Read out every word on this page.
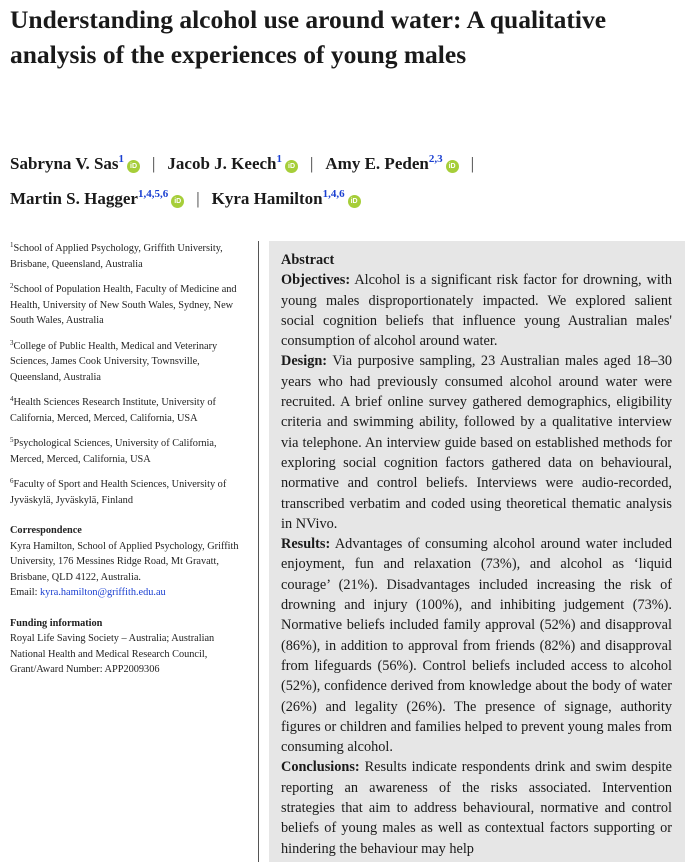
Understanding alcohol use around water: A qualitative analysis of the experiences of young males
Sabryna V. Sas$^1$iD | Jacob J. Keech$^1$iD | Amy E. Peden$^{2,3}$iD |
Martin S. Hagger$^{1,4,5,6}$iD | Kyra Hamilton$^{1,4,6}$iD
$^1$School of Applied Psychology, Griffith University, Brisbane, Queensland, Australia
$^2$School of Population Health, Faculty of Medicine and Health, University of New South Wales, Sydney, New South Wales, Australia
$^3$College of Public Health, Medical and Veterinary Sciences, James Cook University, Townsville, Queensland, Australia
$^4$Health Sciences Research Institute, University of California, Merced, Merced, California, USA
$^5$Psychological Sciences, University of California, Merced, Merced, California, USA
$^6$Faculty of Sport and Health Sciences, University of Jyväskylä, Jyväskylä, Finland
Correspondence
Kyra Hamilton, School of Applied Psychology, Griffith University, 176 Messines Ridge Road, Mt Gravatt, Brisbane, QLD 4122, Australia.
Email: kyra.hamilton@griffith.edu.au
Funding information
Royal Life Saving Society – Australia; Australian National Health and Medical Research Council, Grant/Award Number: APP2009306
Abstract

Objectives: Alcohol is a significant risk factor for drowning, with young males disproportionately impacted. We explored salient social cognition beliefs that influence young Australian males' consumption of alcohol around water.

Design: Via purposive sampling, 23 Australian males aged 18–30 years who had previously consumed alcohol around water were recruited. A brief online survey gathered demographics, eligibility criteria and swimming ability, followed by a qualitative interview via telephone. An interview guide based on established methods for exploring social cognition factors gathered data on behavioural, normative and control beliefs. Interviews were audio-recorded, transcribed verbatim and coded using theoretical thematic analysis in NVivo.

Results: Advantages of consuming alcohol around water included enjoyment, fun and relaxation (73%), and alcohol as ‘liquid courage’ (21%). Disadvantages included increasing the risk of drowning and injury (100%), and inhibiting judgement (73%). Normative beliefs included family approval (52%) and disapproval (86%), in addition to approval from friends (82%) and disapproval from lifeguards (56%). Control beliefs included access to alcohol (52%), confidence derived from knowledge about the body of water (26%) and legality (26%). The presence of signage, authority figures or children and families helped to prevent young males from consuming alcohol.

Conclusions: Results indicate respondents drink and swim despite reporting an awareness of the risks associated. Intervention strategies that aim to address behavioural, normative and control beliefs of young males as well as contextual factors supporting or hindering the behaviour may help
